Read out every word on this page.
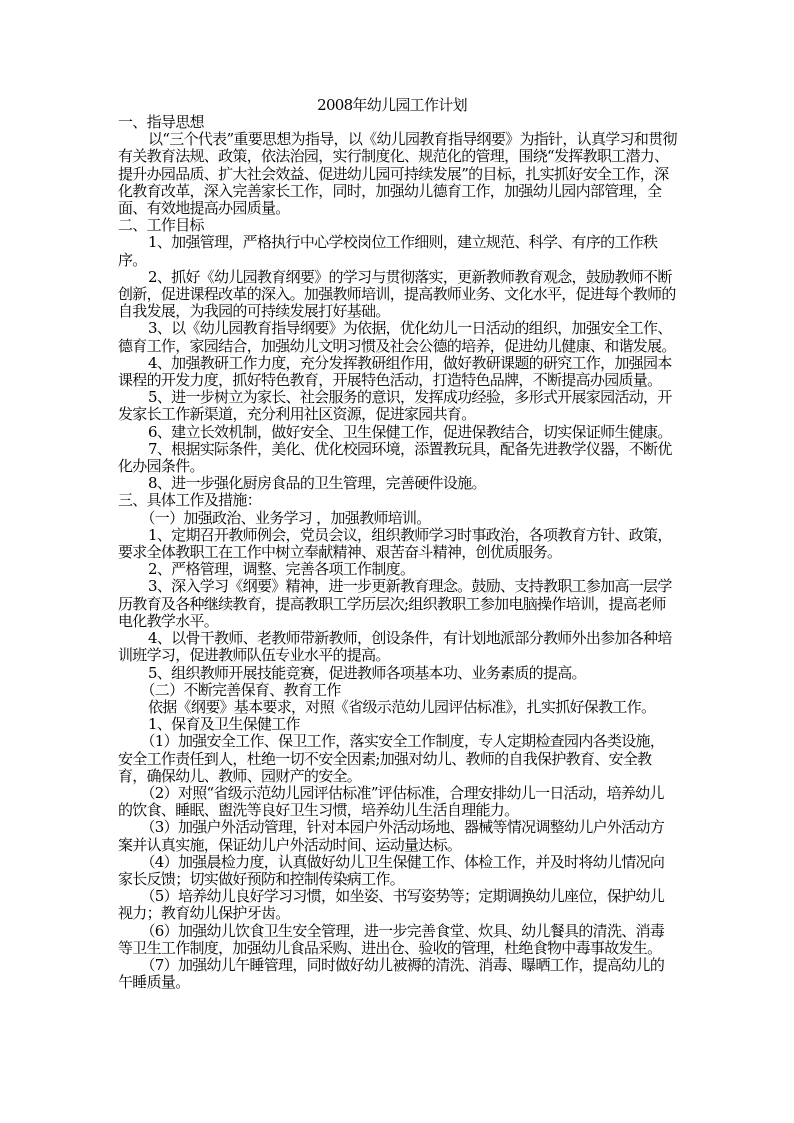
2008年幼儿园工作计划

一、指导思想

以“三个代表”重要思想为指导，以《幼儿园教育指导纲要》为指针，认真学习和贯彻有关教育法规、政策，依法治园，实行制度化、规范化的管理，围绕“发挥教职工潜力、提升办园品质、扩大社会效益、促进幼儿园可持续发展”的目标，扎实抓好安全工作，深化教育改革，深入完善家长工作，同时，加强幼儿德育工作，加强幼儿园内部管理，全面、有效地提高办园质量。

二、工作目标

1、加强管理，严格执行中心学校岗位工作细则，建立规范、科学、有序的工作秩序。

2、抓好《幼儿园教育纲要》的学习与贯彻落实，更新教师教育观念，鼓励教师不断创新，促进课程改革的深入。加强教师培训，提高教师业务、文化水平，促进每个教师的自我发展，为我园的可持续发展打好基础。

3、以《幼儿园教育指导纲要》为依据，优化幼儿一日活动的组织，加强安全工作、德育工作，家园结合，加强幼儿文明习惯及社会公德的培养，促进幼儿健康、和谐发展。

4、加强教研工作力度，充分发挥教研组作用，做好教研课题的研究工作，加强园本课程的开发力度，抓好特色教育，开展特色活动，打造特色品牌，不断提高办园质量。

5、进一步树立为家长、社会服务的意识，发挥成功经验，多形式开展家园活动，开发家长工作新渠道，充分利用社区资源，促进家园共育。

6、建立长效机制，做好安全、卫生保健工作，促进保教结合，切实保证师生健康。

7、根据实际条件，美化、优化校园环境，添置教玩具，配备先进教学仪器，不断优化办园条件。

8、进一步强化厨房食品的卫生管理，完善硬件设施。

三、具体工作及措施：

（一）加强政治、业务学习 ，加强教师培训。

1、定期召开教师例会，党员会议，组织教师学习时事政治，各项教育方针、政策，要求全体教职工在工作中树立奉献精神、艰苦奋斗精神，创优质服务。

2、严格管理，调整、完善各项工作制度。

3、深入学习《纲要》精神，进一步更新教育理念。鼓励、支持教职工参加高一层学历教育及各种继续教育，提高教职工学历层次;组织教职工参加电脑操作培训，提高老师电化教学水平。

4、以骨干教师、老教师带新教师，创设条件，有计划地派部分教师外出参加各种培训班学习，促进教师队伍专业水平的提高。

5、组织教师开展技能竞赛，促进教师各项基本功、业务素质的提高。

（二）不断完善保育、教育工作

依据《纲要》基本要求，对照《省级示范幼儿园评估标准》，扎实抓好保教工作。

1、保育及卫生保健工作

（1）加强安全工作、保卫工作，落实安全工作制度，专人定期检查园内各类设施，安全工作责任到人，杜绝一切不安全因素;加强对幼儿、教师的自我保护教育、安全教育，确保幼儿、教师、园财产的安全。

（2）对照“省级示范幼儿园评估标准”评估标准，合理安排幼儿一日活动，培养幼儿的饮食、睡眠、盥洗等良好卫生习惯，培养幼儿生活自理能力。

（3）加强户外活动管理，针对本园户外活动场地、器械等情况调整幼儿户外活动方案并认真实施，保证幼儿户外活动时间、运动量达标。

（4）加强晨检力度，认真做好幼儿卫生保健工作、体检工作，并及时将幼儿情况向家长反馈；切实做好预防和控制传染病工作。

（5）培养幼儿良好学习习惯，如坐姿、书写姿势等；定期调换幼儿座位，保护幼儿视力；教育幼儿保护牙齿。

（6）加强幼儿饮食卫生安全管理，进一步完善食堂、炊具、幼儿餐具的清洗、消毒等卫生工作制度，加强幼儿食品采购、进出仓、验收的管理，杜绝食物中毒事故发生。

（7）加强幼儿午睡管理，同时做好幼儿被褥的清洗、消毒、曝晒工作，提高幼儿的午睡质量。
